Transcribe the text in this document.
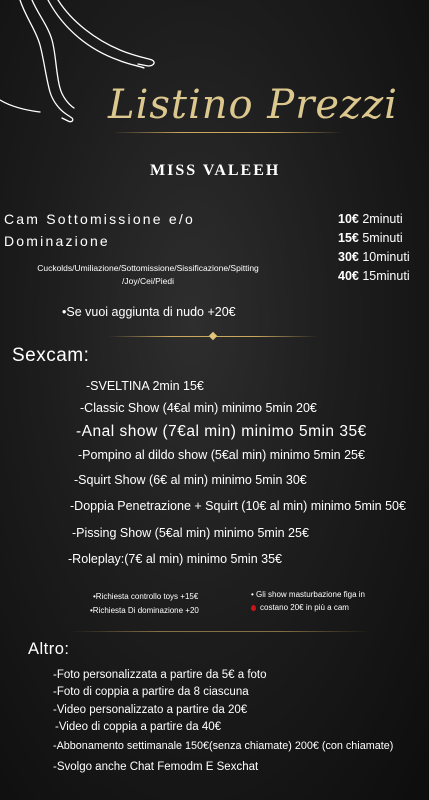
Listino Prezzi
MISS VALEEH
Cam Sottomissione e/o
Dominazione
Cuckolds/Umiliazione/Sottomissione/Sissificazione/Spitting
/Joy/Cei/Piedi
10€ 2minuti
15€ 5minuti
30€ 10minuti
40€ 15minuti
•Se vuoi aggiunta di nudo +20€
Sexcam:
-SVELTINA 2min 15€
-Classic Show (4€al min) minimo 5min 20€
-Anal show (7€al min) minimo 5min 35€
-Pompino al dildo show (5€al min) minimo 5min 25€
-Squirt Show (6€ al min) minimo 5min 30€
-Doppia Penetrazione + Squirt (10€ al min) minimo 5min 50€
-Pissing Show (5€al min) minimo 5min 25€
-Roleplay:(7€ al min) minimo 5min 35€
•Richiesta controllo toys +15€
•Richiesta Di dominazione +20
• Gli show masturbazione figa in
costano 20€ in più a cam
Altro:
-Foto personalizzata a partire da 5€ a foto
-Foto di coppia a partire da 8 ciascuna
-Video personalizzato a partire da 20€
-Video di coppia a partire da 40€
-Abbonamento settimanale 150€(senza chiamate) 200€ (con chiamate)
-Svolgo anche Chat Femodm E Sexchat
